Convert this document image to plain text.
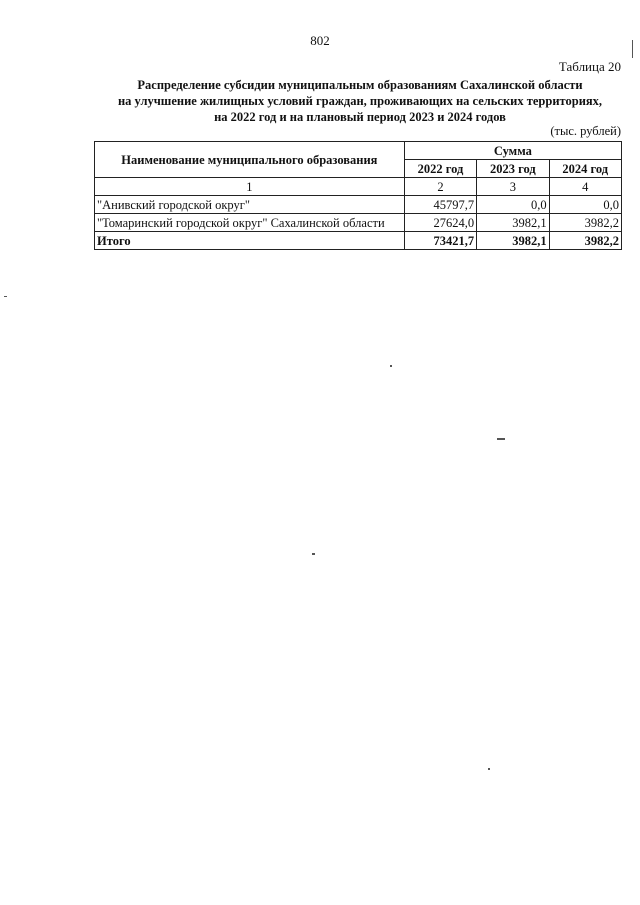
802
Таблица 20
Распределение субсидии муниципальным образованиям Сахалинской области
на улучшение жилищных условий граждан, проживающих на сельских территориях,
на 2022 год и на плановый период 2023 и 2024 годов
(тыс. рублей)
Наименование муниципального образования	Сумма		
	2022 год	2023 год	2024 год
1	2	3	4
"Анивский городской округ"	45797,7	0,0	0,0
"Томаринский городской округ" Сахалинской области	27624,0	3982,1	3982,2
Итого	73421,7	3982,1	3982,2
